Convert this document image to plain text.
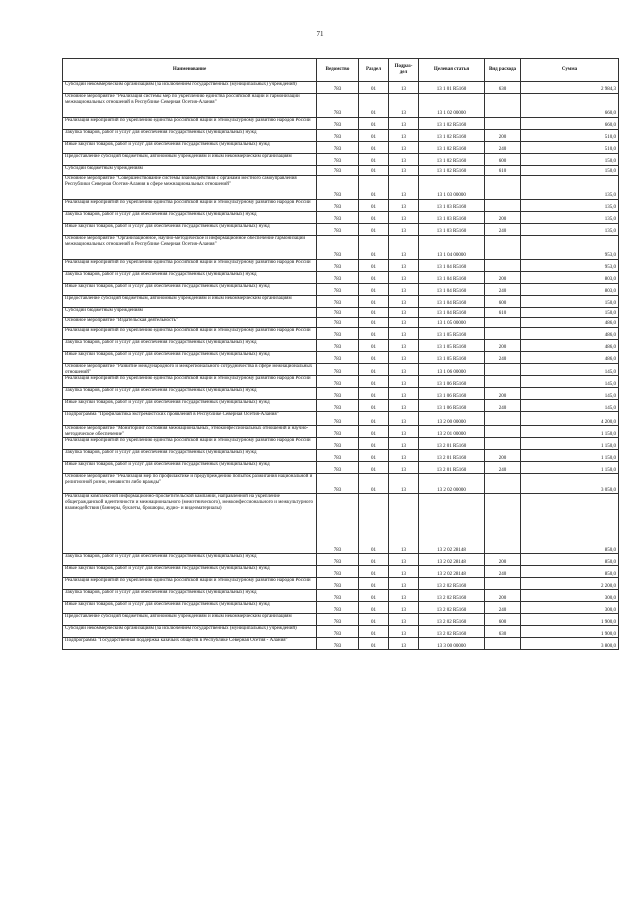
71
Наименование	Ведомство	Раздел	Подраз-дел	Целевая статья	Вид расхода	Сумма
Субсидии некоммерческим организациям (за исключением государственных (муниципальных) учреждений)	783	01	13	13 1 01 R5160	630	2 984,3
Основное мероприятие "Реализация системы мер по укреплению единства российской нации и гармонизации межнациональных отношений в Республике Северная Осетия-Алания"	783	01	13	13 1 02 00000		660,0
Реализация мероприятий по укреплению единства российской нации и этнокультурному развитию народов России	783	01	13	13 1 02 R5160		660,0
Закупка товаров, работ и услуг для обеспечения государственных (муниципальных) нужд	783	01	13	13 1 02 R5160	200	510,0
Иные закупки товаров, работ и услуг для обеспечения государственных (муниципальных) нужд	783	01	13	13 1 02 R5160	240	510,0
Предоставление субсидий бюджетным, автономным учреждениям и иным некоммерческим организациям	783	01	13	13 1 02 R5160	600	150,0
Субсидии бюджетным учреждениям	783	01	13	13 1 02 R5160	610	150,0
Основное мероприятие "Совершенствование системы взаимодействия с органами местного самоуправления Республики Северная Осетия-Алания в сфере межнациональных отношений"	783	01	13	13 1 03 00000		135,0
Реализация мероприятий по укреплению единства российской нации и этнокультурному развитию народов России	783	01	13	13 1 03 R5160		135,0
Закупка товаров, работ и услуг для обеспечения государственных (муниципальных) нужд	783	01	13	13 1 03 R5160	200	135,0
Иные закупки товаров, работ и услуг для обеспечения государственных (муниципальных) нужд	783	01	13	13 1 03 R5160	240	135,0
Основное мероприятие "Организационное, научно-методическое и информационное обеспечение гармонизации межнациональных отношений в Республике Северная Осетия-Алания"	783	01	13	13 1 04 00000		953,0
Реализация мероприятий по укреплению единства российской нации и этнокультурному развитию народов России	783	01	13	13 1 04 R5160		953,0
Закупка товаров, работ и услуг для обеспечения государственных (муниципальных) нужд	783	01	13	13 1 04 R5160	200	803,0
Иные закупки товаров, работ и услуг для обеспечения государственных (муниципальных) нужд	783	01	13	13 1 04 R5160	240	803,0
Предоставление субсидий бюджетным, автономным учреждениям и иным некоммерческим организациям	783	01	13	13 1 04 R5160	600	150,0
Субсидии бюджетным учреждениям	783	01	13	13 1 04 R5160	610	150,0
Основное мероприятие "Издательская деятельность"	783	01	13	13 1 05 00000		486,0
Реализация мероприятий по укреплению единства российской нации и этнокультурному развитию народов России	783	01	13	13 1 05 R5160		486,0
Закупка товаров, работ и услуг для обеспечения государственных (муниципальных) нужд	783	01	13	13 1 05 R5160	200	486,0
Иные закупки товаров, работ и услуг для обеспечения государственных (муниципальных) нужд	783	01	13	13 1 05 R5160	240	486,0
Основное мероприятие "Развитие международного и межрегионального сотрудничества в сфере межнациональных отношений"	783	01	13	13 1 06 00000		145,0
Реализация мероприятий по укреплению единства российской нации и этнокультурному развитию народов России	783	01	13	13 1 06 R5160		145,0
Закупка товаров, работ и услуг для обеспечения государственных (муниципальных) нужд	783	01	13	13 1 06 R5160	200	145,0
Иные закупки товаров, работ и услуг для обеспечения государственных (муниципальных) нужд	783	01	13	13 1 06 R5160	240	145,0
Подпрограмма "Профилактика экстремистских проявлений в Республике Северная Осетия-Алания"	783	01	13	13 2 00 00000		4 200,0
Основное мероприятие "Мониторинг состояния межнациональных, этноконфессиональных отношений и научно-методическое обеспечение"	783	01	13	13 2 01 00000		1 150,0
Реализация мероприятий по укреплению единства российской нации и этнокультурному развитию народов России	783	01	13	13 2 01 R5160		1 150,0
Закупка товаров, работ и услуг для обеспечения государственных (муниципальных) нужд	783	01	13	13 2 01 R5160	200	1 150,0
Иные закупки товаров, работ и услуг для обеспечения государственных (муниципальных) нужд	783	01	13	13 2 01 R5160	240	1 150,0
Основное мероприятие "Реализация мер по профилактике и предупреждению попыток разжигания национальной и религиозной розни, ненависти либо вражды"	783	01	13	13 2 02 00000		3 050,0
Реализация комплексной информационно-просветительской кампании, направленной на укрепление общегражданской идентичности и межнационального (межэтнического), межконфессионального и межкультурного взаимодействия (баннеры, буклеты, брошюры, аудио- и видеоматериалы)	783	01	13	13 2 02 28148		850,0
Закупка товаров, работ и услуг для обеспечения государственных (муниципальных) нужд	783	01	13	13 2 02 28148	200	850,0
Иные закупки товаров, работ и услуг для обеспечения государственных (муниципальных) нужд	783	01	13	13 2 02 28148	240	850,0
Реализация мероприятий по укреплению единства российской нации и этнокультурному развитию народов России	783	01	13	13 2 02 R5160		2 200,0
Закупка товаров, работ и услуг для обеспечения государственных (муниципальных) нужд	783	01	13	13 2 02 R5160	200	300,0
Иные закупки товаров, работ и услуг для обеспечения государственных (муниципальных) нужд	783	01	13	13 2 02 R5160	240	300,0
Предоставление субсидий бюджетным, автономным учреждениям и иным некоммерческим организациям	783	01	13	13 2 02 R5160	600	1 900,0
Субсидии некоммерческим организациям (за исключением государственных (муниципальных) учреждений)	783	01	13	13 2 02 R5160	630	1 900,0
Подпрограмма "Государственная поддержка казачьих обществ в Республике Северная Осетия - Алания"	783	01	13	13 3 00 00000		3 800,0
